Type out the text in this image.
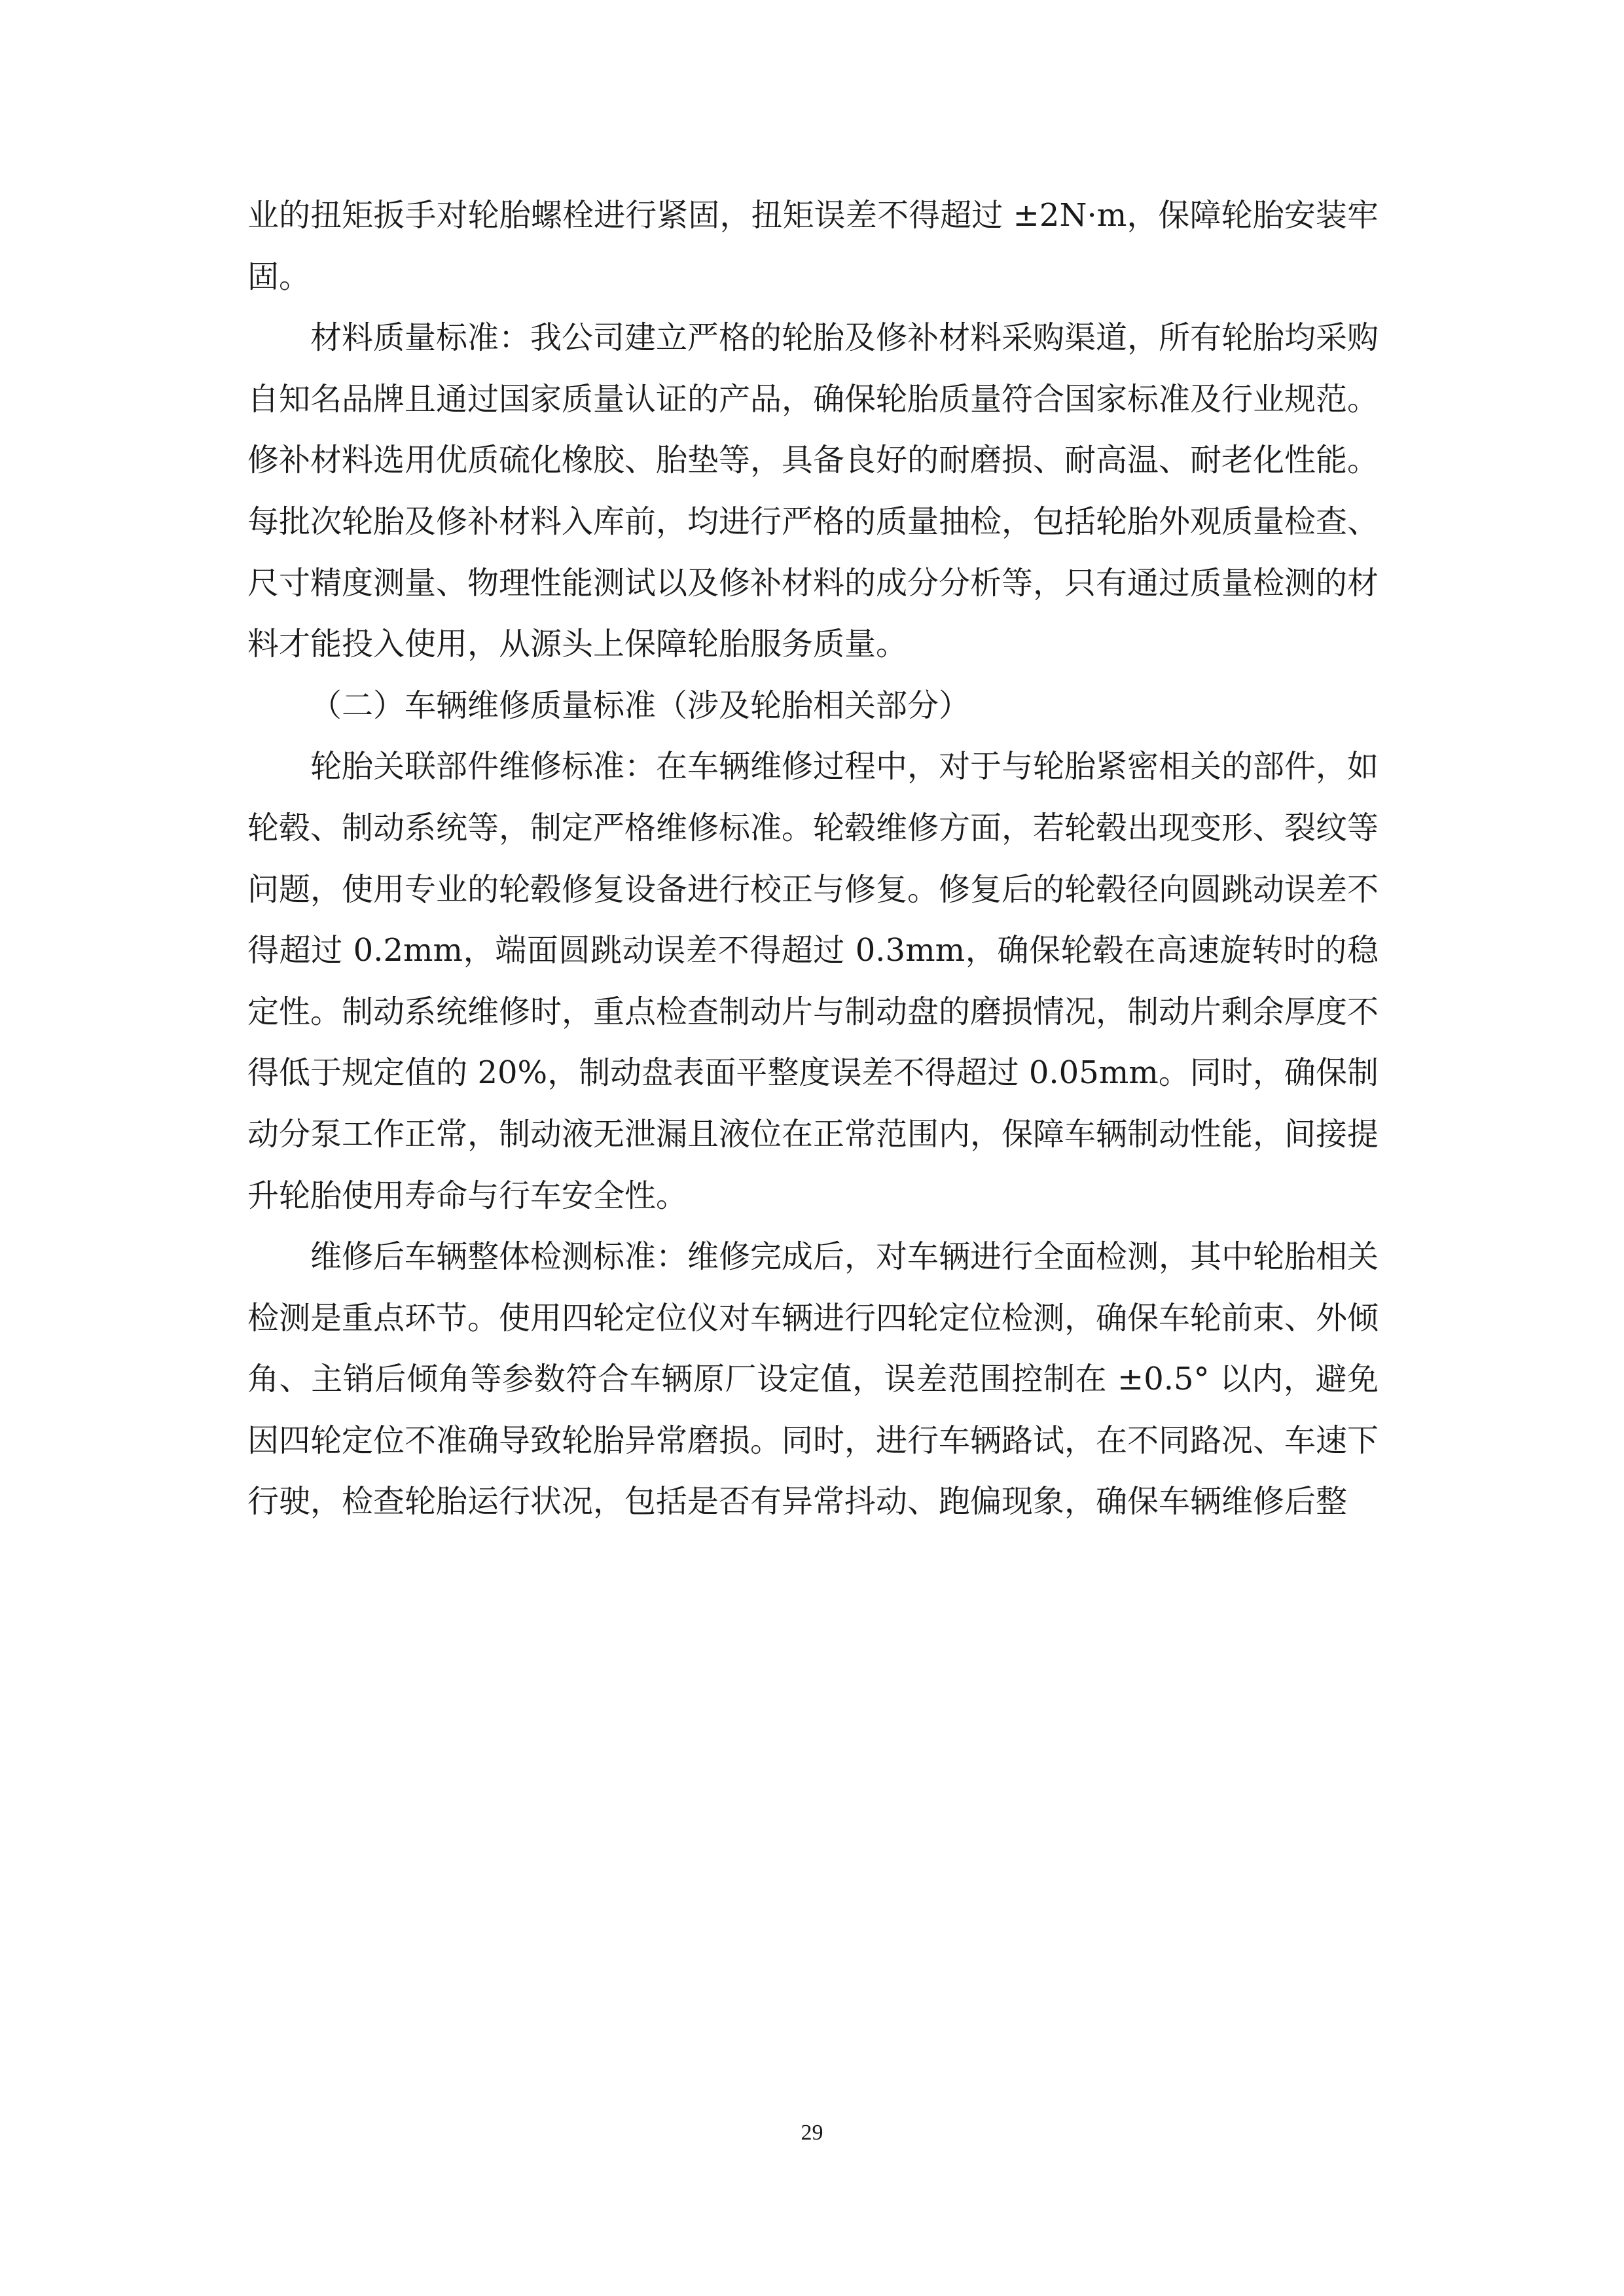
业的扭矩扳手对轮胎螺栓进行紧固，扭矩误差不得超过 ±2N·m，保障轮胎安装牢固。

材料质量标准：我公司建立严格的轮胎及修补材料采购渠道，所有轮胎均采购自知名品牌且通过国家质量认证的产品，确保轮胎质量符合国家标准及行业规范。修补材料选用优质硫化橡胶、胎垫等，具备良好的耐磨损、耐高温、耐老化性能。每批次轮胎及修补材料入库前，均进行严格的质量抽检，包括轮胎外观质量检查、尺寸精度测量、物理性能测试以及修补材料的成分分析等，只有通过质量检测的材料才能投入使用，从源头上保障轮胎服务质量。

（二）车辆维修质量标准（涉及轮胎相关部分）

轮胎关联部件维修标准：在车辆维修过程中，对于与轮胎紧密相关的部件，如轮毂、制动系统等，制定严格维修标准。轮毂维修方面，若轮毂出现变形、裂纹等问题，使用专业的轮毂修复设备进行校正与修复。修复后的轮毂径向圆跳动误差不得超过 0.2mm，端面圆跳动误差不得超过 0.3mm，确保轮毂在高速旋转时的稳定性。制动系统维修时，重点检查制动片与制动盘的磨损情况，制动片剩余厚度不得低于规定值的 20%，制动盘表面平整度误差不得超过 0.05mm。同时，确保制动分泵工作正常，制动液无泄漏且液位在正常范围内，保障车辆制动性能，间接提升轮胎使用寿命与行车安全性。

维修后车辆整体检测标准：维修完成后，对车辆进行全面检测，其中轮胎相关检测是重点环节。使用四轮定位仪对车辆进行四轮定位检测，确保车轮前束、外倾角、主销后倾角等参数符合车辆原厂设定值，误差范围控制在 ±0.5° 以内，避免因四轮定位不准确导致轮胎异常磨损。同时，进行车辆路试，在不同路况、车速下行驶，检查轮胎运行状况，包括是否有异常抖动、跑偏现象，确保车辆维修后整

29
